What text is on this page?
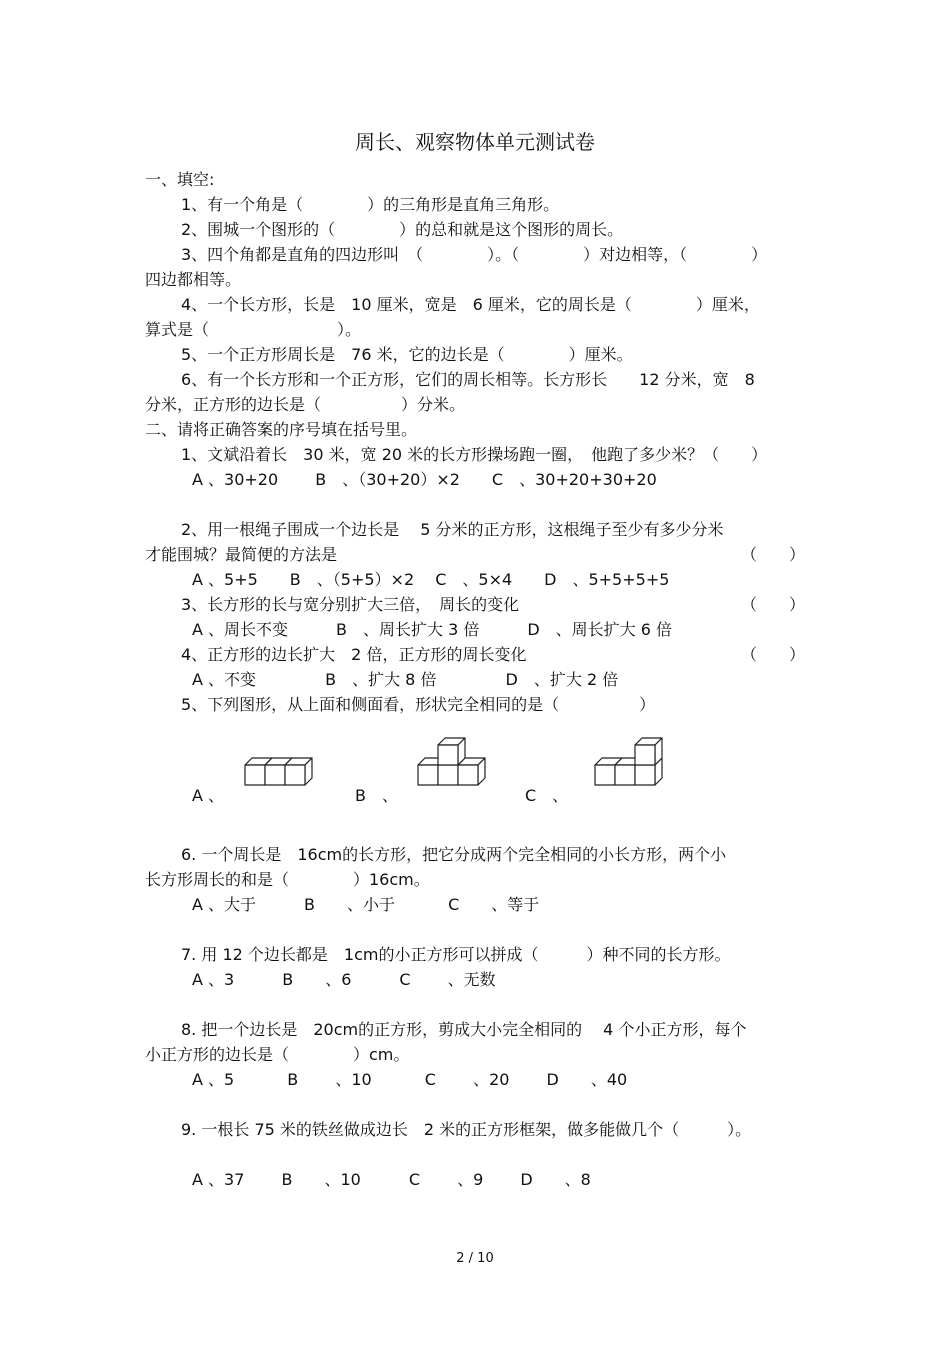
周长、观察物体单元测试卷
一、填空:
1、有一个角是（　　　　）的三角形是直角三角形。
2、围城一个图形的（　　　　）的总和就是这个图形的周长。
3、四个角都是直角的四边形叫　（　　　　）。（　　　　）对边相等，（　　　　）
四边都相等。
4、一个长方形，长是　10 厘米，宽是　6 厘米，它的周长是（　　　　）厘米，
算式是（　　　　　　　　）。
5、一个正方形周长是　76 米，它的边长是（　　　　）厘米。
6、有一个长方形和一个正方形，它们的周长相等。长方形长　　12 分米，宽　8
分米，正方形的边长是（　　　　　）分米。
二、请将正确答案的序号填在括号里。
1、文斌沿着长　30 米，宽 20 米的长方形操场跑一圈，　他跑了多少米？（　　）
A 、30+20　　 B　、（30+20）×2　　C　、30+20+30+20
2、用一根绳子围成一个边长是　 5 分米的正方形，这根绳子至少有多少分米
才能围城？最简便的方法是	（　　）
A 、5+5　　B　、（5+5）×2　 C　、5×4　　D　、5+5+5+5
3、长方形的长与宽分别扩大三倍，　周长的变化	（　　）
A 、周长不变　　　B　、周长扩大 3 倍　　　D　、周长扩大 6 倍
4、正方形的边长扩大　2 倍，正方形的周长变化	（　　）
A 、不变　　　　 B　、扩大 8 倍　　　　 D　、扩大 2 倍
5、下列图形，从上面和侧面看，形状完全相同的是（　　　　　）
A 、	B　、	C　、
6. 一个周长是　16cm的长方形，把它分成两个完全相同的小长方形，两个小
长方形周长的和是（　　　　）16cm。
A 、大于　　　B　　、小于　　　 C　　、等于
7. 用 12 个边长都是　1cm的小正方形可以拼成（　　　）种不同的长方形。
A 、3　　　B　　、6　　　C　　 、无数
8. 把一个边长是　20cm的正方形，剪成大小完全相同的　 4 个小正方形，每个
小正方形的边长是（　　　　）cm。
A 、5　　　 B　　 、10　　　 C　　 、20　　 D　　、40
9. 一根长 75 米的铁丝做成边长　2 米的正方形框架，做多能做几个（　　　）。
A 、37　　 B　　、10　　　C　　 、9　　 D　　、8
2 / 10
